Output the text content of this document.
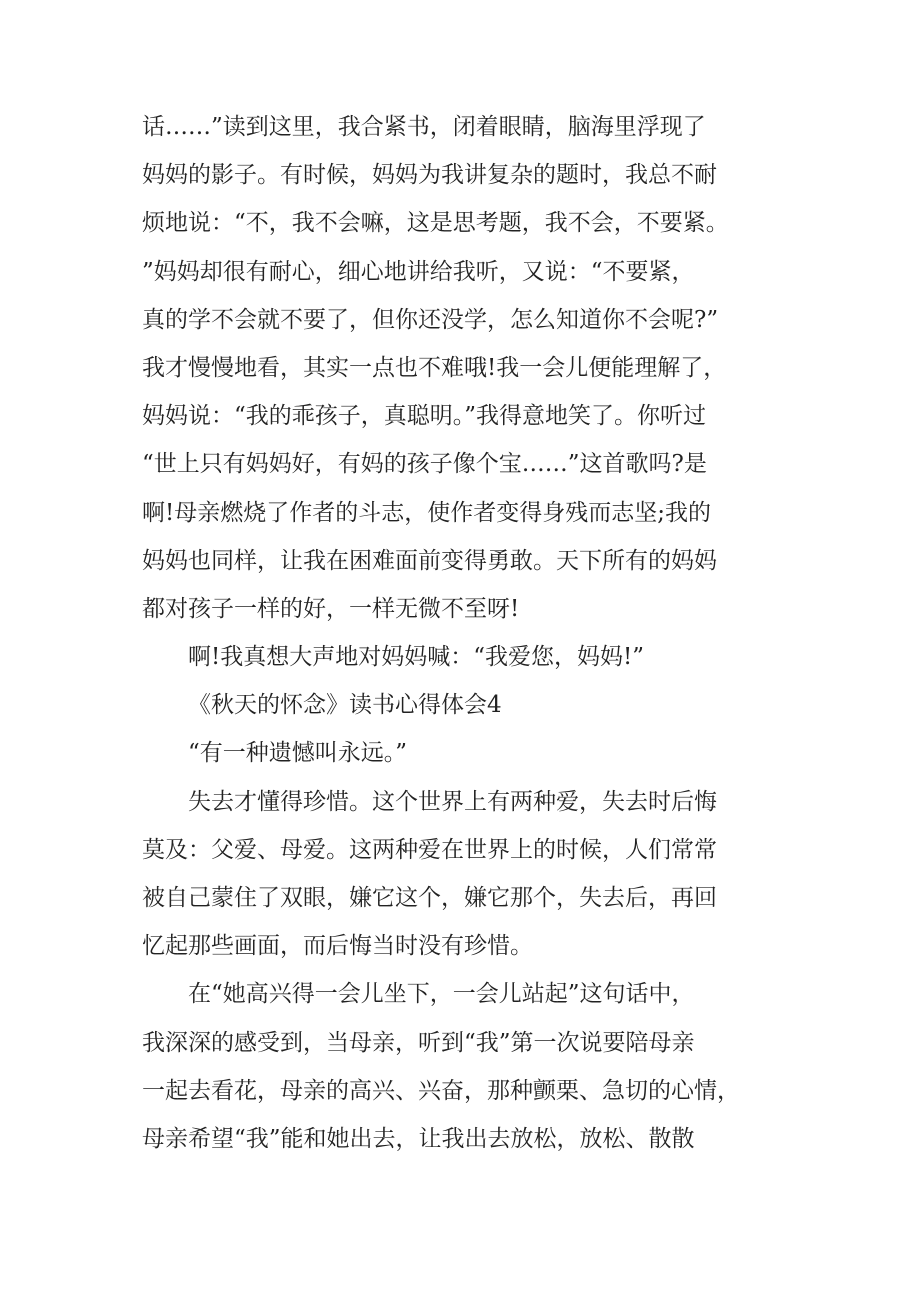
话……”读到这里，我合紧书，闭着眼睛，脑海里浮现了
妈妈的影子。有时候，妈妈为我讲复杂的题时，我总不耐
烦地说：“不，我不会嘛，这是思考题，我不会，不要紧。
”妈妈却很有耐心，细心地讲给我听，又说：“不要紧，
真的学不会就不要了，但你还没学，怎么知道你不会呢?”
我才慢慢地看，其实一点也不难哦!我一会儿便能理解了，
妈妈说：“我的乖孩子，真聪明。”我得意地笑了。你听过
“世上只有妈妈好，有妈的孩子像个宝……”这首歌吗?是
啊!母亲燃烧了作者的斗志，使作者变得身残而志坚;我的
妈妈也同样，让我在困难面前变得勇敢。天下所有的妈妈
都对孩子一样的好，一样无微不至呀!
啊!我真想大声地对妈妈喊：“我爱您，妈妈!”
《秋天的怀念》读书心得体会4
“有一种遗憾叫永远。”
失去才懂得珍惜。这个世界上有两种爱，失去时后悔
莫及：父爱、母爱。这两种爱在世界上的时候，人们常常
被自己蒙住了双眼，嫌它这个，嫌它那个，失去后，再回
忆起那些画面，而后悔当时没有珍惜。
在“她高兴得一会儿坐下，一会儿站起”这句话中，
我深深的感受到，当母亲，听到“我”第一次说要陪母亲
一起去看花，母亲的高兴、兴奋，那种颤栗、急切的心情，
母亲希望“我”能和她出去，让我出去放松，放松、散散
